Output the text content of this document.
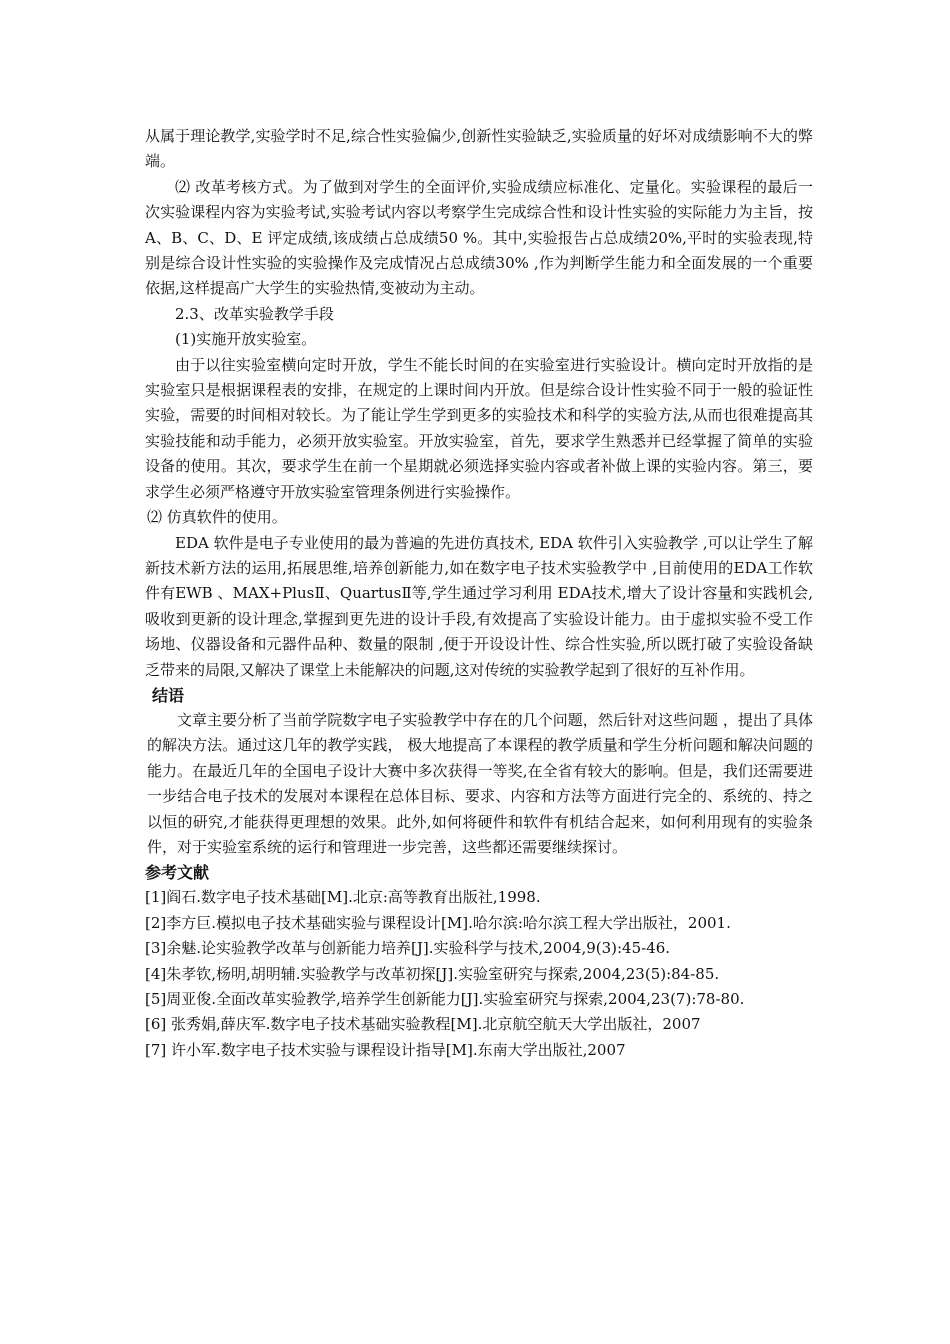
从属于理论教学,实验学时不足,综合性实验偏少,创新性实验缺乏,实验质量的好坏对成绩影响不大的弊端。

⑵ 改革考核方式。为了做到对学生的全面评价,实验成绩应标准化、定量化。实验课程的最后一次实验课程内容为实验考试,实验考试内容以考察学生完成综合性和设计性实验的实际能力为主旨，按A、B、C、D、E 评定成绩,该成绩占总成绩50 %。其中,实验报告占总成绩20%,平时的实验表现,特别是综合设计性实验的实验操作及完成情况占总成绩30% ,作为判断学生能力和全面发展的一个重要依据,这样提高广大学生的实验热情,变被动为主动。

2.3、改革实验教学手段

(1)实施开放实验室。

由于以往实验室横向定时开放，学生不能长时间的在实验室进行实验设计。横向定时开放指的是实验室只是根据课程表的安排，在规定的上课时间内开放。但是综合设计性实验不同于一般的验证性实验，需要的时间相对较长。为了能让学生学到更多的实验技术和科学的实验方法,从而也很难提高其实验技能和动手能力，必须开放实验室。开放实验室，首先，要求学生熟悉并已经掌握了简单的实验设备的使用。其次，要求学生在前一个星期就必须选择实验内容或者补做上课的实验内容。第三，要求学生必须严格遵守开放实验室管理条例进行实验操作。

⑵ 仿真软件的使用。

EDA 软件是电子专业使用的最为普遍的先进仿真技术, EDA 软件引入实验教学 ,可以让学生了解新技术新方法的运用,拓展思维,培养创新能力,如在数字电子技术实验教学中 ,目前使用的EDA工作软件有EWB 、MAX+PlusⅡ、QuartusⅡ等,学生通过学习利用 EDA技术,增大了设计容量和实践机会,吸收到更新的设计理念,掌握到更先进的设计手段,有效提高了实验设计能力。由于虚拟实验不受工作场地、仪器设备和元器件品种、数量的限制 ,便于开设设计性、综合性实验,所以既打破了实验设备缺乏带来的局限,又解决了课堂上未能解决的问题,这对传统的实验教学起到了很好的互补作用。

结语

文章主要分析了当前学院数字电子实验教学中存在的几个问题，然后针对这些问题 ，提出了具体的解决方法。通过这几年的教学实践， 极大地提高了本课程的教学质量和学生分析问题和解决问题的能力。在最近几年的全国电子设计大赛中多次获得一等奖,在全省有较大的影响。但是，我们还需要进一步结合电子技术的发展对本课程在总体目标、要求、内容和方法等方面进行完全的、系统的、持之以恒的研究,才能获得更理想的效果。此外,如何将硬件和软件有机结合起来，如何利用现有的实验条件，对于实验室系统的运行和管理进一步完善，这些都还需要继续探讨。

参考文献

[1]阎石.数字电子技术基础[M].北京:高等教育出版社,1998.

[2]李方巨.模拟电子技术基础实验与课程设计[M].哈尔滨:哈尔滨工程大学出版社，2001.

[3]余魅.论实验教学改革与创新能力培养[J].实验科学与技术,2004,9(3):45-46.

[4]朱孝钦,杨明,胡明辅.实验教学与改革初探[J].实验室研究与探索,2004,23(5):84-85.

[5]周亚俊.全面改革实验教学,培养学生创新能力[J].实验室研究与探索,2004,23(7):78-80.

[6] 张秀娟,薛庆军.数字电子技术基础实验教程[M].北京航空航天大学出版社，2007

[7] 许小军.数字电子技术实验与课程设计指导[M].东南大学出版社,2007
